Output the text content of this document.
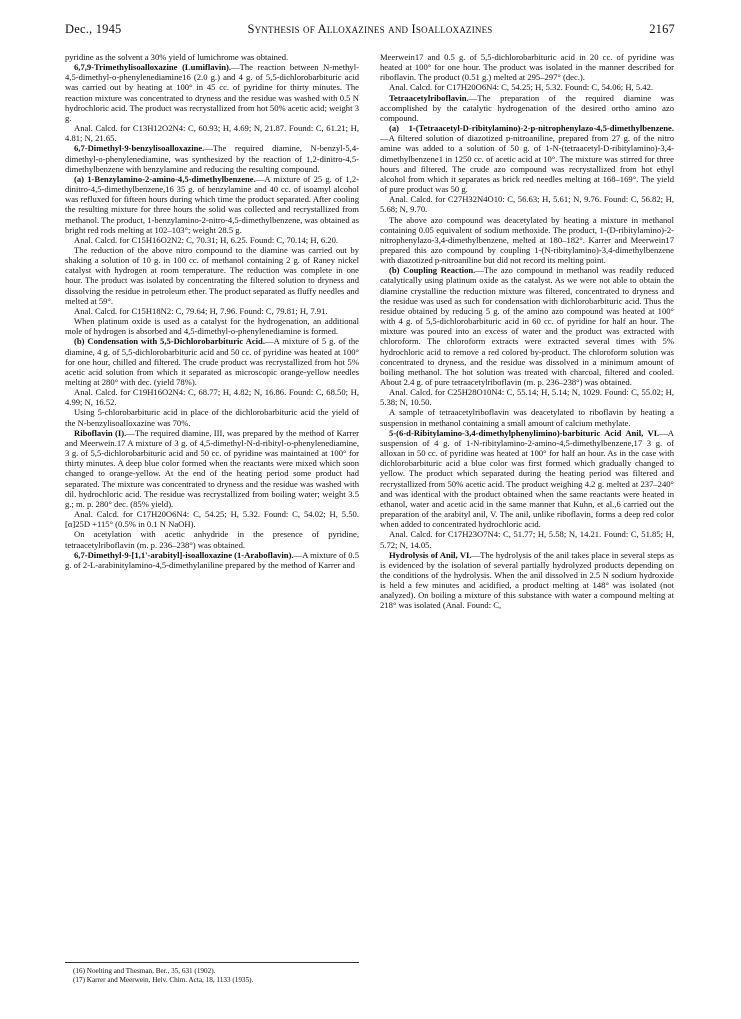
Dec., 1945	Synthesis of Alloxazines and Isoalloxazines	2167

pyridine as the solvent a 30% yield of lumichrome was obtained.

6,7,9-Trimethylisoalloxazine (Lumiflavin).—The reaction between N-methyl-4,5-dimethyl-o-phenylenediamine16 (2.0 g.) and 4 g. of 5,5-dichlorobarbituric acid was carried out by heating at 100° in 45 cc. of pyridine for thirty minutes. The reaction mixture was concentrated to dryness and the residue was washed with 0.5 N hydrochloric acid. The product was recrystallized from hot 50% acetic acid; weight 3 g.

Anal. Calcd. for C13H12O2N4: C, 60.93; H, 4.69; N, 21.87. Found: C, 61.21; H, 4.81; N, 21.65.

6,7-Dimethyl-9-benzylisoalloxazine.—The required diamine, N-benzyl-5,4-dimethyl-o-phenylenediamine, was synthesized by the reaction of 1,2-dinitro-4,5-dimethylbenzene with benzylamine and reducing the resulting compound.

(a) 1-Benzylamino-2-amino-4,5-dimethylbenzene.—A mixture of 25 g. of 1,2-dinitro-4,5-dimethylbenzene,16 35 g. of benzylamine and 40 cc. of isoamyl alcohol was refluxed for fifteen hours during which time the product separated. After cooling the resulting mixture for three hours the solid was collected and recrystallized from methanol. The product, 1-benzylamino-2-nitro-4,5-dimethylbenzene, was obtained as bright red rods melting at 102–103°; weight 28.5 g.

Anal. Calcd. for C15H16O2N2: C, 70.31; H, 6.25. Found: C, 70.14; H, 6.20.

The reduction of the above nitro compound to the diamine was carried out by shaking a solution of 10 g. in 100 cc. of methanol containing 2 g. of Raney nickel catalyst with hydrogen at room temperature. The reduction was complete in one hour. The product was isolated by concentrating the filtered solution to dryness and dissolving the residue in petroleum ether. The product separated as fluffy needles and melted at 59°.

Anal. Calcd. for C15H18N2: C, 79.64; H, 7.96. Found: C, 79.81; H, 7.91.

When platinum oxide is used as a catalyst for the hydrogenation, an additional mole of hydrogen is absorbed and 4,5-dimethyl-o-phenylenediamine is formed.

(b) Condensation with 5,5-Dichlorobarbituric Acid.—A mixture of 5 g. of the diamine, 4 g. of 5,5-dichlorobarbituric acid and 50 cc. of pyridine was heated at 100° for one hour, chilled and filtered. The crude product was recrystallized from hot 5% acetic acid solution from which it separated as microscopic orange-yellow needles melting at 280° with dec. (yield 78%).

Anal. Calcd. for C19H16O2N4: C, 68.77; H, 4.82; N, 16.86. Found: C, 68.50; H, 4.99; N, 16.52.

Using 5-chlorobarbituric acid in place of the dichlorobarbituric acid the yield of the N-benzylisoalloxazine was 70%.

Riboflavin (I).—The required diamine, III, was prepared by the method of Karrer and Meerwein.17 A mixture of 3 g. of 4,5-dimethyl-N-d-ribityl-o-phenylenediamine, 3 g. of 5,5-dichlorobarbituric acid and 50 cc. of pyridine was maintained at 100° for thirty minutes. A deep blue color formed when the reactants were mixed which soon changed to orange-yellow. At the end of the heating period some product had separated. The mixture was concentrated to dryness and the residue was washed with dil. hydrochloric acid. The residue was recrystallized from boiling water; weight 3.5 g.; m. p. 280° dec. (85% yield).

Anal. Calcd. for C17H20O6N4: C, 54.25; H, 5.32. Found: C, 54.02; H, 5.50. [α]25D +115° (0.5% in 0.1 N NaOH).

On acetylation with acetic anhydride in the presence of pyridine, tetraacetylriboflavin (m. p. 236–238°) was obtained.

6,7-Dimethyl-9-[1,1'-arabityl]-isoalloxazine (1-Araboflavin).—A mixture of 0.5 g. of 2-L-arabinitylamino-4,5-dimethylaniline prepared by the method of Karrer and

Meerwein17 and 0.5 g. of 5,5-dichlorobarbituric acid in 20 cc. of pyridine was heated at 100° for one hour. The product was isolated in the manner described for riboflavin. The product (0.51 g.) melted at 295–297° (dec.).

Anal. Calcd. for C17H20O6N4: C, 54.25; H, 5.32. Found: C, 54.06; H, 5.42.

Tetraacetylriboflavin.—The preparation of the required diamine was accomplished by the catalytic hydrogenation of the desired ortho amino azo compound.

(a) 1-(Tetraacetyl-D-ribitylamino)-2-p-nitrophenylazo-4,5-dimethylbenzene.—A filtered solution of diazotized p-nitroaniline, prepared from 27 g. of the nitro amine was added to a solution of 50 g. of 1-N-(tetraacetyl-D-ribitylamino)-3,4-dimethylbenzene1 in 1250 cc. of acetic acid at 10°. The mixture was stirred for three hours and filtered. The crude azo compound was recrystallized from hot ethyl alcohol from which it separates as brick red needles melting at 168–169°. The yield of pure product was 50 g.

Anal. Calcd. for C27H32N4O10: C, 56.63; H, 5.61; N, 9.76. Found: C, 56.82; H, 5.68; N, 9.70.

The above azo compound was deacetylated by heating a mixture in methanol containing 0.05 equivalent of sodium methoxide. The product, 1-(D-ribitylamino)-2-nitrophenylazo-3,4-dimethylbenzene, melted at 180–182°. Karrer and Meerwein17 prepared this azo compound by coupling 1-(N-ribitylamino)-3,4-dimethylbenzene with diazotized p-nitroaniline but did not record its melting point.

(b) Coupling Reaction.—The azo compound in methanol was readily reduced catalytically using platinum oxide as the catalyst. As we were not able to obtain the diamine crystalline the reduction mixture was filtered, concentrated to dryness and the residue was used as such for condensation with dichlorobarbituric acid. Thus the residue obtained by reducing 5 g. of the amino azo compound was heated at 100° with 4 g. of 5,5-dichlorobarbituric acid in 60 cc. of pyridine for half an hour. The mixture was poured into an excess of water and the product was extracted with chloroform. The chloroform extracts were extracted several times with 5% hydrochloric acid to remove a red colored by-product. The chloroform solution was concentrated to dryness, and the residue was dissolved in a minimum amount of boiling methanol. The hot solution was treated with charcoal, filtered and cooled. About 2.4 g. of pure tetraacetylriboflavin (m. p. 236–238°) was obtained.

Anal. Calcd. for C25H28O10N4: C, 55.14; H, 5.14; N, 1029. Found: C, 55.02; H, 5.38; N, 10.50.

A sample of tetraacetylriboflavin was deacetylated to riboflavin by heating a suspension in methanol containing a small amount of calcium methylate.

5-(6-d-Ribitylamino-3,4-dimethylphenylimino)-barbituric Acid Anil, VI.—A suspension of 4 g. of 1-N-ribitylamino-2-amino-4,5-dimethylbenzene,17 3 g. of alloxan in 50 cc. of pyridine was heated at 100° for half an hour. As in the case with dichlorobarbituric acid a blue color was first formed which gradually changed to yellow. The product which separated during the heating period was filtered and recrystallized from 50% acetic acid. The product weighing 4.2 g. melted at 237–240° and was identical with the product obtained when the same reactants were heated in ethanol, water and acetic acid in the same manner that Kuhn, et al.,6 carried out the preparation of the arabityl anil, V. The anil, unlike riboflavin, forms a deep red color when added to concentrated hydrochloric acid.

Anal. Calcd. for C17H23O7N4: C, 51.77; H, 5.58; N, 14.21. Found: C, 51.85; H, 5.72; N, 14.05.

Hydrolysis of Anil, VI.—The hydrolysis of the anil takes place in several steps as is evidenced by the isolation of several partially hydrolyzed products depending on the conditions of the hydrolysis. When the anil dissolved in 2.5 N sodium hydroxide is held a few minutes and acidified, a product melting at 148° was isolated (not analyzed). On boiling a mixture of this substance with water a compound melting at 218° was isolated (Anal. Found: C,

(16) Noelting and Thesman, Ber., 35, 631 (1902).
(17) Karrer and Meerwein, Helv. Chim. Acta, 18, 1133 (1935).
